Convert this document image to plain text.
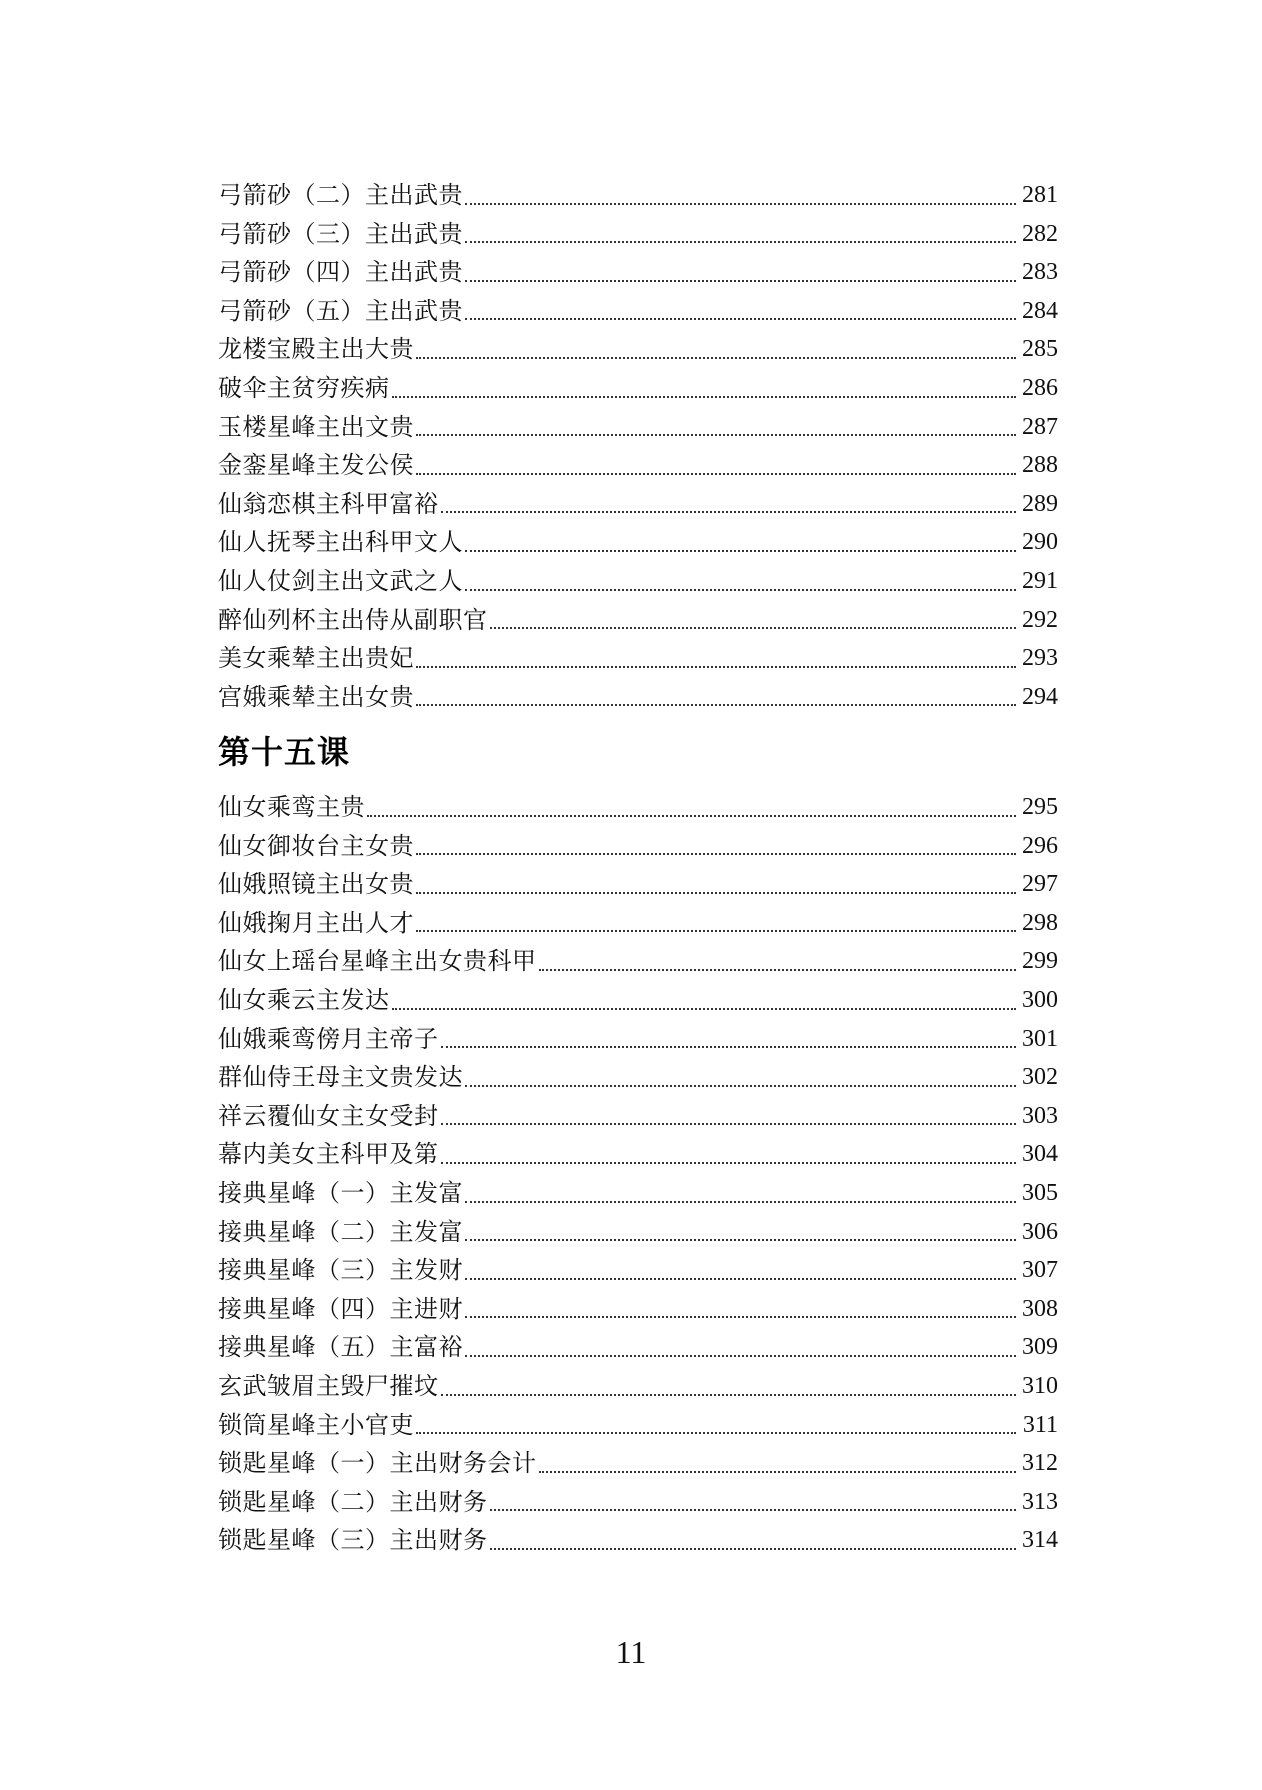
弓箭砂（二）主出武贵	281
弓箭砂（三）主出武贵	282
弓箭砂（四）主出武贵	283
弓箭砂（五）主出武贵	284
龙楼宝殿主出大贵	285
破伞主贫穷疾病	286
玉楼星峰主出文贵	287
金銮星峰主发公侯	288
仙翁恋棋主科甲富裕	289
仙人抚琴主出科甲文人	290
仙人仗剑主出文武之人	291
醉仙列杯主出侍从副职官	292
美女乘辇主出贵妃	293
宫娥乘辇主出女贵	294
第十五课
仙女乘鸾主贵	295
仙女御妆台主女贵	296
仙娥照镜主出女贵	297
仙娥掬月主出人才	298
仙女上瑶台星峰主出女贵科甲	299
仙女乘云主发达	300
仙娥乘鸾傍月主帝子	301
群仙侍王母主文贵发达	302
祥云覆仙女主女受封	303
幕内美女主科甲及第	304
接典星峰（一）主发富	305
接典星峰（二）主发富	306
接典星峰（三）主发财	307
接典星峰（四）主进财	308
接典星峰（五）主富裕	309
玄武皱眉主毁尸摧坟	310
锁筒星峰主小官吏	311
锁匙星峰（一）主出财务会计	312
锁匙星峰（二）主出财务	313
锁匙星峰（三）主出财务	314
11
